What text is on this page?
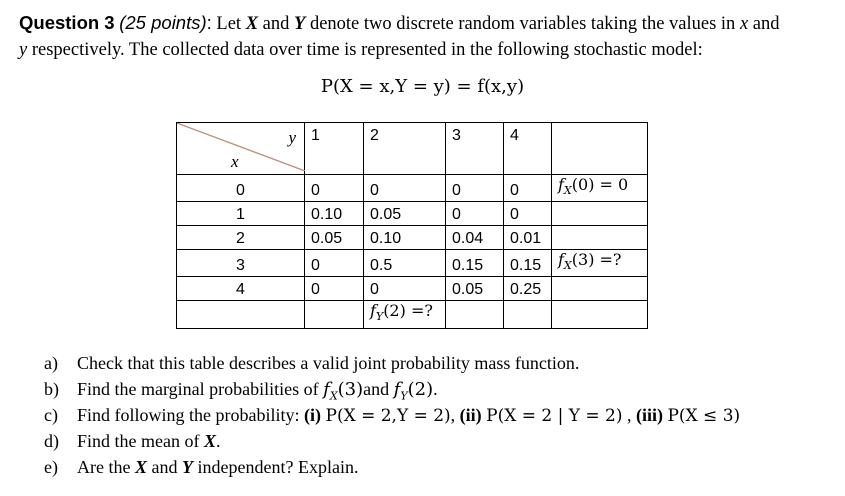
Question 3 (25 points): Let X and Y denote two discrete random variables taking the values in x and
y respectively. The collected data over time is represented in the following stochastic model:
P(X = x,Y = y) = f(x,y)
y
x	1	2	3	4	
0	0	0	0	0	$f_X(0) = 0$
1	0.10	0.05	0	0	
2	0.05	0.10	0.04	0.01	
3	0	0.5	0.15	0.15	$f_X(3)$ =?
4	0	0	0.05	0.25	
		$f_Y(2)$ =?			
a) Check that this table describes a valid joint probability mass function.
b) Find the marginal probabilities of $f_X(3)and$ $f_Y(2)$.
c) Find following the probability: (i) P(X = 2,Y = 2), (ii) P(X = 2 | Y = 2) , (iii) P(X ≤ 3)
d) Find the mean of X.
e) Are the X and Y independent? Explain.
